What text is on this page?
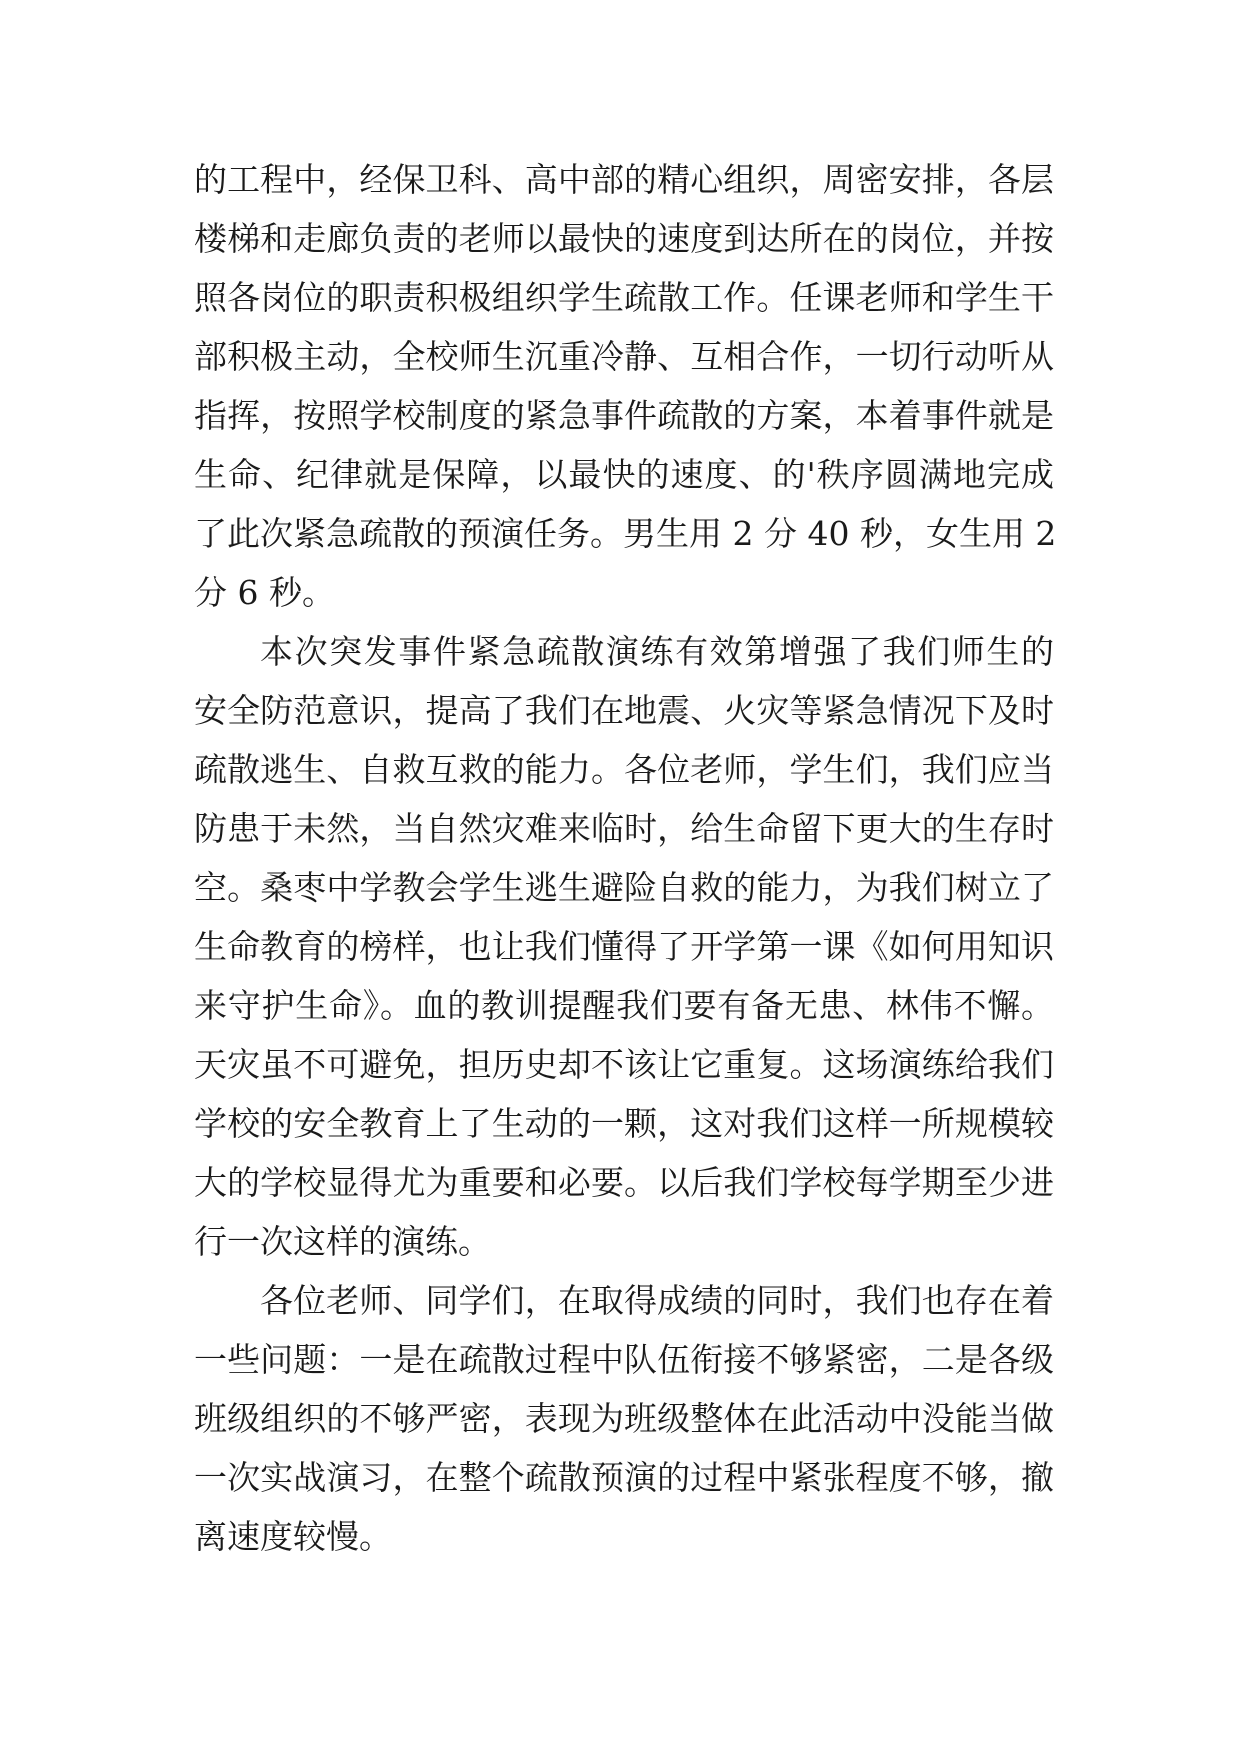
的工程中，经保卫科、高中部的精心组织，周密安排，各层
楼梯和走廊负责的老师以最快的速度到达所在的岗位，并按
照各岗位的职责积极组织学生疏散工作。任课老师和学生干
部积极主动，全校师生沉重冷静、互相合作，一切行动听从
指挥，按照学校制度的紧急事件疏散的方案，本着事件就是
生命、纪律就是保障，以最快的速度、的'秩序圆满地完成
了此次紧急疏散的预演任务。男生用 2 分 40 秒，女生用 2
分 6 秒。
本次突发事件紧急疏散演练有效第增强了我们师生的
安全防范意识，提高了我们在地震、火灾等紧急情况下及时
疏散逃生、自救互救的能力。各位老师，学生们，我们应当
防患于未然，当自然灾难来临时，给生命留下更大的生存时
空。桑枣中学教会学生逃生避险自救的能力，为我们树立了
生命教育的榜样，也让我们懂得了开学第一课《如何用知识
来守护生命》。血的教训提醒我们要有备无患、林伟不懈。
天灾虽不可避免，担历史却不该让它重复。这场演练给我们
学校的安全教育上了生动的一颗，这对我们这样一所规模较
大的学校显得尤为重要和必要。以后我们学校每学期至少进
行一次这样的演练。
各位老师、同学们，在取得成绩的同时，我们也存在着
一些问题：一是在疏散过程中队伍衔接不够紧密，二是各级
班级组织的不够严密，表现为班级整体在此活动中没能当做
一次实战演习，在整个疏散预演的过程中紧张程度不够，撤
离速度较慢。
